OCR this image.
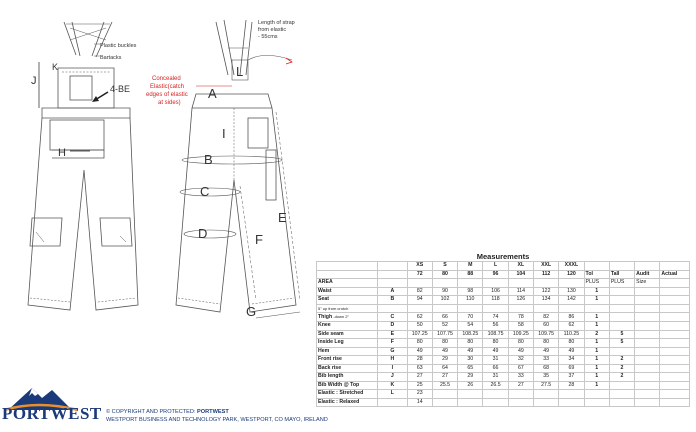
Plastic buckles
Bartacks
4-BE
J
K
H
Length of strap
from elastic
- 55cms
Concealed
Elastic(catch
edges of elastic
at sides)
L
A
I
B
C
D
E
F
G
Measurements												
		XS	S	M	L	XL	XXL	XXXL				
		72	80	88	96	104	112	120	Tol	Tall	Audit	Actual
AREA									PLUS	PLUS	Size	
Waist	A	82	90	98	106	114	122	130	1			
Seat	B	94	102	110	118	126	134	142	1			
5" up from crotch												
Thigh -down 2"	C	62	66	70	74	78	82	86	1			
Knee	D	50	52	54	56	58	60	62	1			
Side seam	E	107.25	107.75	108.25	108.75	109.25	109.75	110.25	2	5		
Inside Leg	F	80	80	80	80	80	80	80	1	5		
Hem	G	49	49	49	49	49	49	49	1			
Front rise	H	28	29	30	31	32	33	34	1	2		
Back rise	I	63	64	65	66	67	68	69	1	2		
Bib length	J	27	27	29	31	33	35	37	1	2		
Bib Width @ Top	K	25	25.5	26	26.5	27	27.5	28	1			
Elastic : Stretched	L	23										
Elastic : Relaxed		14										
PORTWEST © COPYRIGHT AND PROTECTED: PORTWEST
WESTPORT BUSINESS AND TECHNOLOGY PARK, WESTPORT, CO MAYO, IRELAND
